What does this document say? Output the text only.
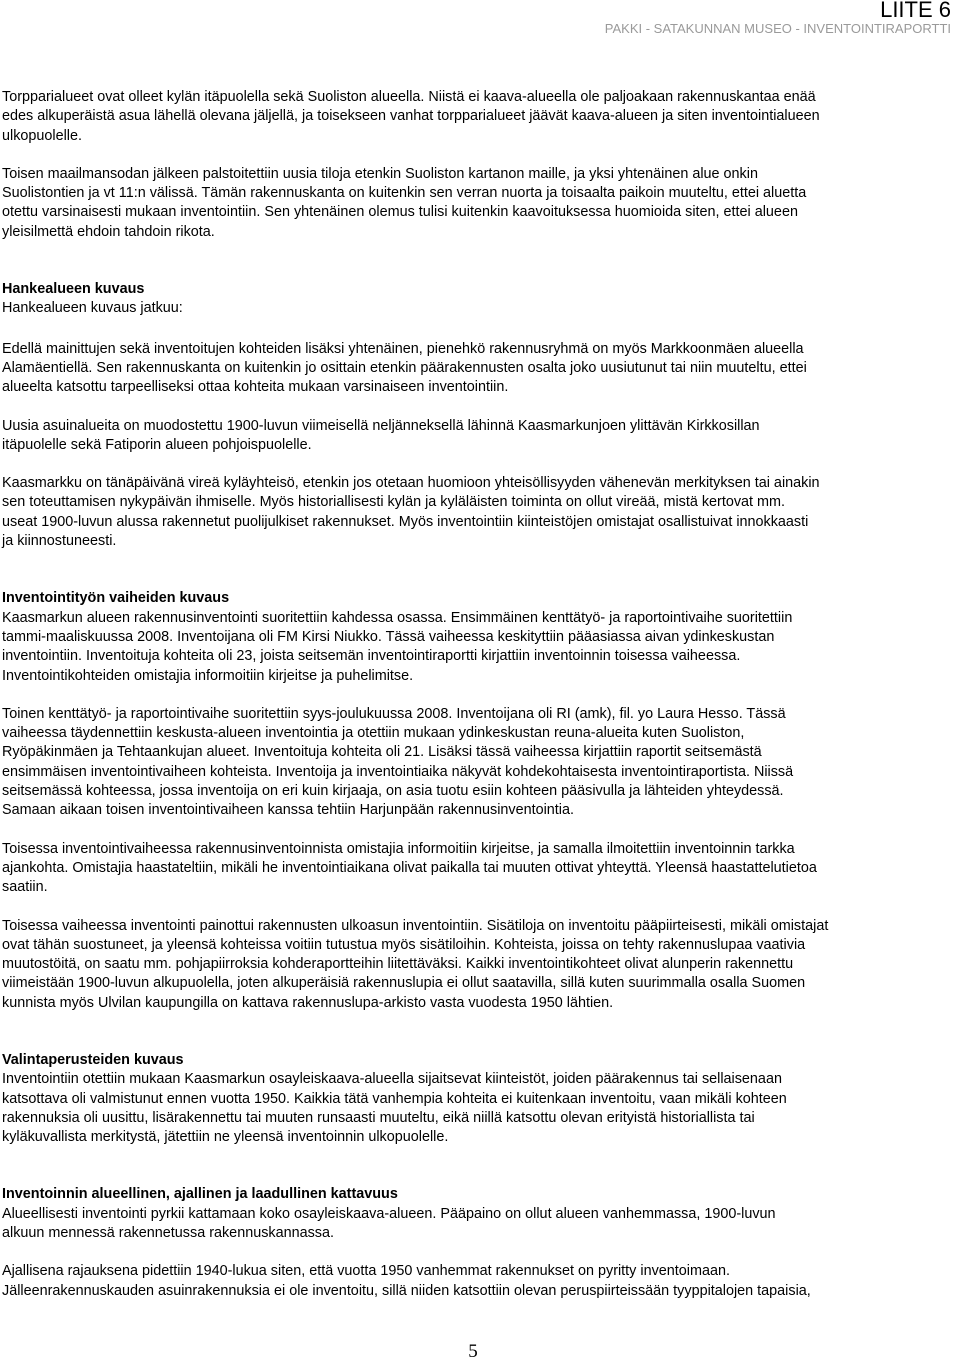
LIITE 6
PAKKI - SATAKUNNAN MUSEO - INVENTOINTIRAPORTTI

Torpparialueet ovat olleet kylän itäpuolella sekä Suoliston alueella. Niistä ei kaava-alueella ole paljoakaan rakennuskantaa enää
edes alkuperäistä asua lähellä olevana jäljellä, ja toisekseen vanhat torpparialueet jäävät kaava-alueen ja siten inventointialueen
ulkopuolelle.

Toisen maailmansodan jälkeen palstoitettiin uusia tiloja etenkin Suoliston kartanon maille, ja yksi yhtenäinen alue onkin
Suolistontien ja vt 11:n välissä. Tämän rakennuskanta on kuitenkin sen verran nuorta ja toisaalta paikoin muuteltu, ettei aluetta
otettu varsinaisesti mukaan inventointiin. Sen yhtenäinen olemus tulisi kuitenkin kaavoituksessa huomioida siten, ettei alueen
yleisilmettä ehdoin tahdoin rikota.

Hankealueen kuvaus

Hankealueen kuvaus jatkuu:

Edellä mainittujen sekä inventoitujen kohteiden lisäksi yhtenäinen, pienehkö rakennusryhmä on myös Markkoonmäen alueella
Alamäentiellä. Sen rakennuskanta on kuitenkin jo osittain etenkin päärakennusten osalta joko uusiutunut tai niin muuteltu, ettei
alueelta katsottu tarpeelliseksi ottaa kohteita mukaan varsinaiseen inventointiin.

Uusia asuinalueita on muodostettu 1900-luvun viimeisellä neljänneksellä lähinnä Kaasmarkunjoen ylittävän Kirkkosillan
itäpuolelle sekä Fatiporin alueen pohjoispuolelle.

Kaasmarkku on tänäpäivänä vireä kyläyhteisö, etenkin jos otetaan huomioon yhteisöllisyyden vähenevän merkityksen tai ainakin
sen toteuttamisen nykypäivän ihmiselle. Myös historiallisesti kylän ja kyläläisten toiminta on ollut vireää, mistä kertovat mm.
useat 1900-luvun alussa rakennetut puolijulkiset rakennukset. Myös inventointiin kiinteistöjen omistajat osallistuivat innokkaasti
ja kiinnostuneesti.

Inventointityön vaiheiden kuvaus

Kaasmarkun alueen rakennusinventointi suoritettiin kahdessa osassa. Ensimmäinen kenttätyö- ja raportointivaihe suoritettiin
tammi-maaliskuussa 2008. Inventoijana oli FM Kirsi Niukko. Tässä vaiheessa keskityttiin pääasiassa aivan ydinkeskustan
inventointiin. Inventoituja kohteita oli 23, joista seitsemän inventointiraportti kirjattiin inventoinnin toisessa vaiheessa.
Inventointikohteiden omistajia informoitiin kirjeitse ja puhelimitse.

Toinen kenttätyö- ja raportointivaihe suoritettiin syys-joulukuussa 2008. Inventoijana oli RI (amk), fil. yo Laura Hesso. Tässä
vaiheessa täydennettiin keskusta-alueen inventointia ja otettiin mukaan ydinkeskustan reuna-alueita kuten Suoliston,
Ryöpäkinmäen ja Tehtaankujan alueet. Inventoituja kohteita oli 21. Lisäksi tässä vaiheessa kirjattiin raportit seitsemästä
ensimmäisen inventointivaiheen kohteista. Inventoija ja inventointiaika näkyvät kohdekohtaisesta inventointiraportista. Niissä
seitsemässä kohteessa, jossa inventoija on eri kuin kirjaaja, on asia tuotu esiin kohteen pääsivulla ja lähteiden yhteydessä.
Samaan aikaan toisen inventointivaiheen kanssa tehtiin Harjunpään rakennusinventointia.

Toisessa inventointivaiheessa rakennusinventoinnista omistajia informoitiin kirjeitse, ja samalla ilmoitettiin inventoinnin tarkka
ajankohta. Omistajia haastateltiin, mikäli he inventointiaikana olivat paikalla tai muuten ottivat yhteyttä. Yleensä haastattelutietoa
saatiin.

Toisessa vaiheessa inventointi painottui rakennusten ulkoasun inventointiin. Sisätiloja on inventoitu pääpiirteisesti, mikäli omistajat
ovat tähän suostuneet, ja yleensä kohteissa voitiin tutustua myös sisätiloihin. Kohteista, joissa on tehty rakennuslupaa vaativia
muutostöitä, on saatu mm. pohjapiirroksia kohderaportteihin liitettäväksi. Kaikki inventointikohteet olivat alunperin rakennettu
viimeistään 1900-luvun alkupuolella, joten alkuperäisiä rakennuslupia ei ollut saatavilla, sillä kuten suurimmalla osalla Suomen
kunnista myös Ulvilan kaupungilla on kattava rakennuslupa-arkisto vasta vuodesta 1950 lähtien.

Valintaperusteiden kuvaus

Inventointiin otettiin mukaan Kaasmarkun osayleiskaava-alueella sijaitsevat kiinteistöt, joiden päärakennus tai sellaisenaan
katsottava oli valmistunut ennen vuotta 1950. Kaikkia tätä vanhempia kohteita ei kuitenkaan inventoitu, vaan mikäli kohteen
rakennuksia oli uusittu, lisärakennettu tai muuten runsaasti muuteltu, eikä niillä katsottu olevan erityistä historiallista tai
kyläkuvallista merkitystä, jätettiin ne yleensä inventoinnin ulkopuolelle.

Inventoinnin alueellinen, ajallinen ja laadullinen kattavuus

Alueellisesti inventointi pyrkii kattamaan koko osayleiskaava-alueen. Pääpaino on ollut alueen vanhemmassa, 1900-luvun
alkuun mennessä rakennetussa rakennuskannassa.

Ajallisena rajauksena pidettiin 1940-lukua siten, että vuotta 1950 vanhemmat rakennukset on pyritty inventoimaan.
Jälleenrakennuskauden asuinrakennuksia ei ole inventoitu, sillä niiden katsottiin olevan peruspiirteissään tyyppitalojen tapaisia,

5
